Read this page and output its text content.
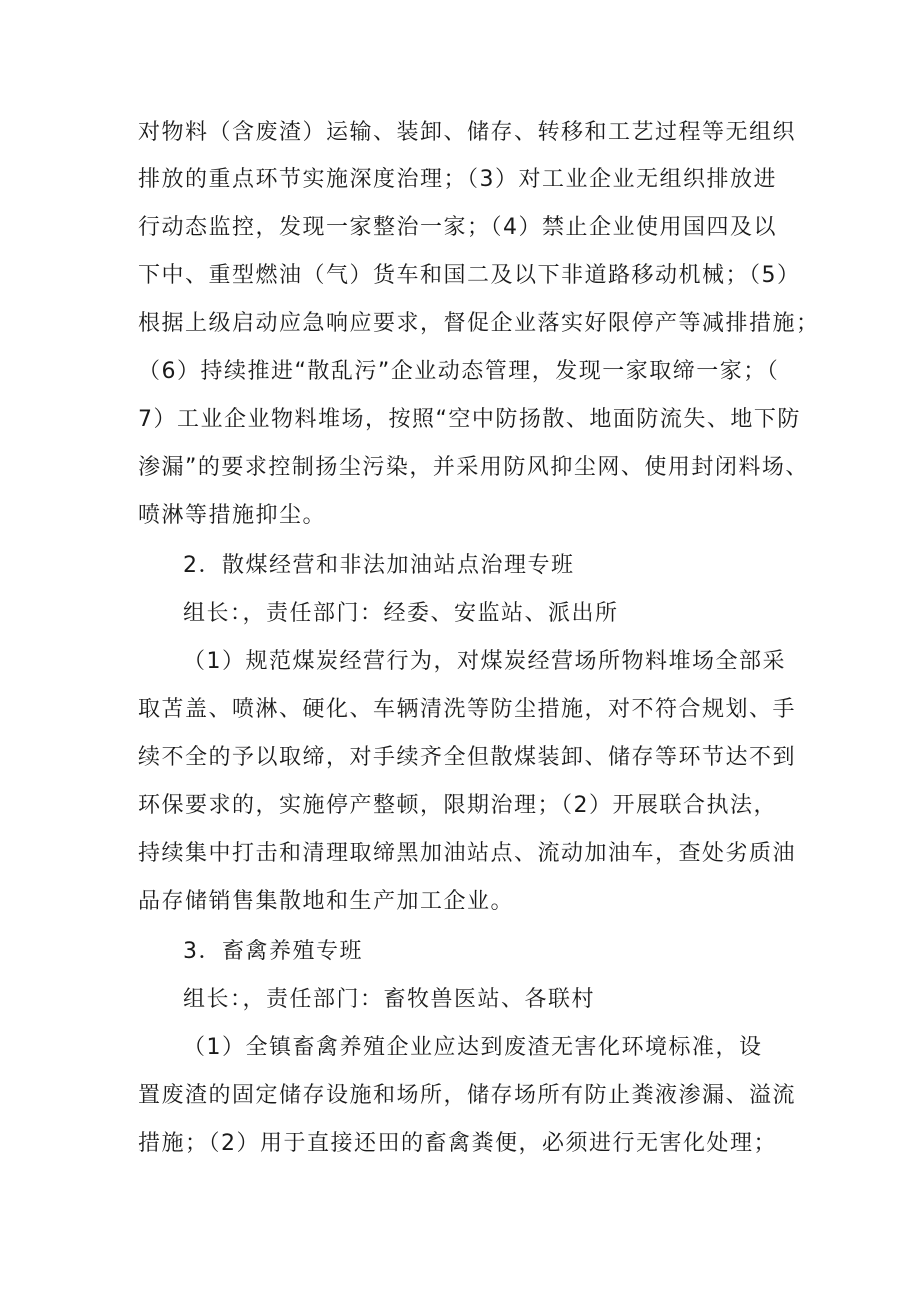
对物料（含废渣）运输、装卸、储存、转移和工艺过程等无组织
排放的重点环节实施深度治理；（3）对工业企业无组织排放进
行动态监控，发现一家整治一家；（4）禁止企业使用国四及以
下中、重型燃油（气）货车和国二及以下非道路移动机械；（5）
根据上级启动应急响应要求，督促企业落实好限停产等减排措施；
（6）持续推进“散乱污”企业动态管理，发现一家取缔一家；（
7）工业企业物料堆场，按照“空中防扬散、地面防流失、地下防
渗漏”的要求控制扬尘污染，并采用防风抑尘网、使用封闭料场、
喷淋等措施抑尘。
2．散煤经营和非法加油站点治理专班
组长：，责任部门：经委、安监站、派出所
（1）规范煤炭经营行为，对煤炭经营场所物料堆场全部采
取苫盖、喷淋、硬化、车辆清洗等防尘措施，对不符合规划、手
续不全的予以取缔，对手续齐全但散煤装卸、储存等环节达不到
环保要求的，实施停产整顿，限期治理；（2）开展联合执法，
持续集中打击和清理取缔黑加油站点、流动加油车，查处劣质油
品存储销售集散地和生产加工企业。
3．畜禽养殖专班
组长：，责任部门：畜牧兽医站、各联村
（1）全镇畜禽养殖企业应达到废渣无害化环境标准，设
置废渣的固定储存设施和场所，储存场所有防止粪液渗漏、溢流
措施；（2）用于直接还田的畜禽粪便，必须进行无害化处理；
